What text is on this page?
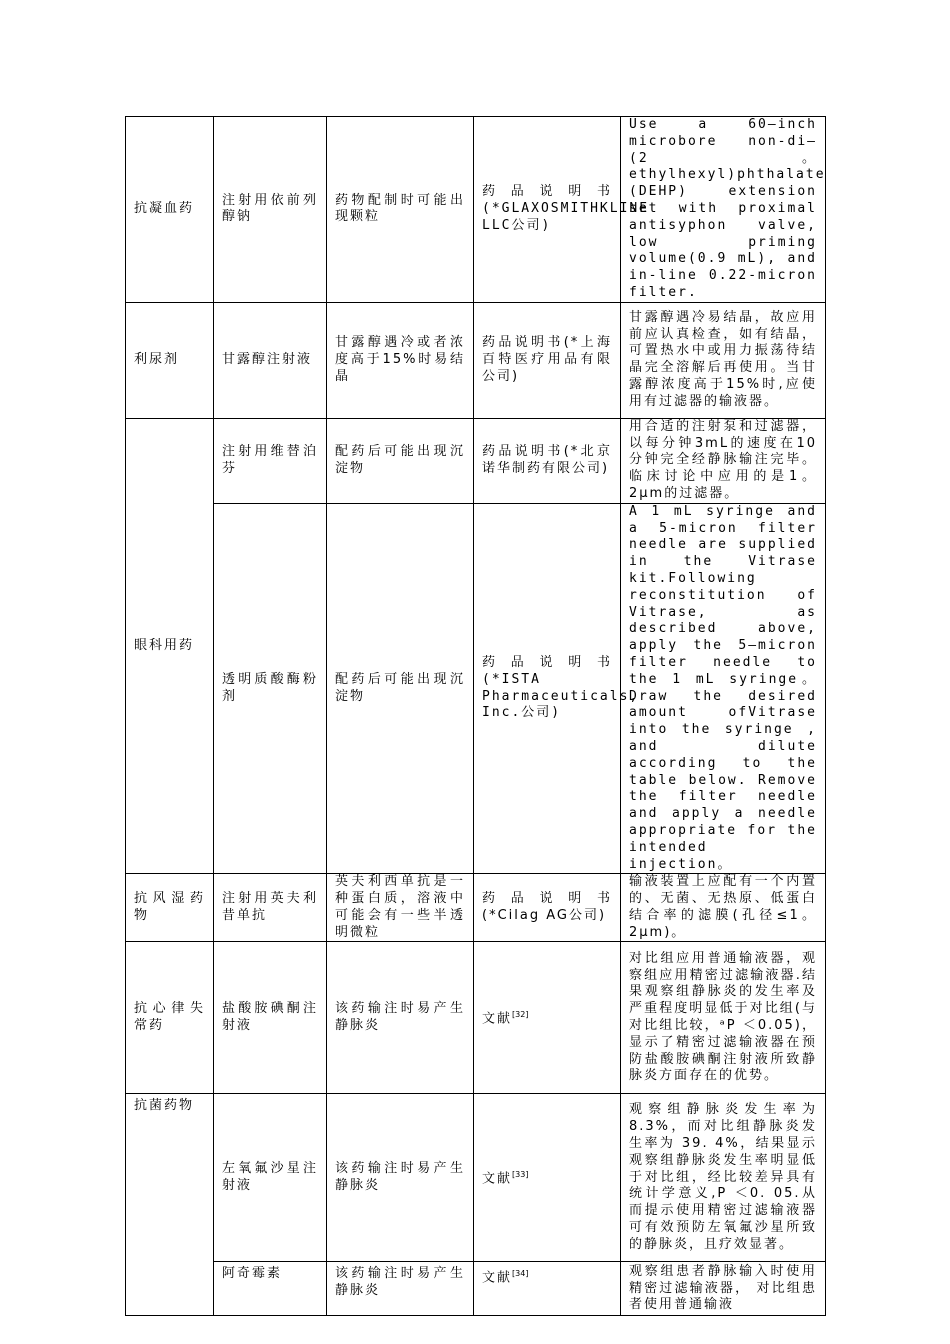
抗凝血药	注射用依前列醇钠	药物配制时可能出现颗粒	药品说明书(*GLAXOSMITHKLINE LLC公司)	Use a 60—inch microbore non-di—(2。ethylhexyl)phthalate (DEHP) extension set with proximal antisyphon valve, low priming volume(0.9 mL), and in-line 0.22-micron filter.
利尿剂	甘露醇注射液	甘露醇遇冷或者浓度高于15%时易结晶	药品说明书(*上海百特医疗用品有限公司)	甘露醇遇冷易结晶，故应用前应认真检查，如有结晶，可置热水中或用力振荡待结晶完全溶解后再使用。当甘露醇浓度高于15%时,应使用有过滤器的输液器。
眼科用药	注射用维替泊芬	配药后可能出现沉淀物	药品说明书(*北京诺华制药有限公司)	用合适的注射泵和过滤器，以每分钟3mL的速度在10分钟完全经静脉输注完毕。临床讨论中应用的是1。2μm的过滤器。
	透明质酸酶粉剂	配药后可能出现沉淀物	药品说明书(*ISTA Pharmaceuticals, Inc.公司)	A 1 mL syringe and a 5-micron filter needle are supplied in the Vitrase kit.Following reconstitution of Vitrase, as described above, apply the 5—micron filter needle to the 1 mL syringe。Draw the desired amount ofVitrase into the syringe , and dilute according to the table below. Remove the filter needle and apply a needle appropriate for the intended injection。
抗风湿药物	注射用英夫利昔单抗	英夫利西单抗是一种蛋白质，溶液中可能会有一些半透明微粒	药品说明书(*Cilag AG公司)	输液装置上应配有一个内置的、无菌、无热原、低蛋白结合率的滤膜(孔径≤1。2μm)。
抗心律失常药	盐酸胺碘酮注射液	该药输注时易产生静脉炎	文献[32]	对比组应用普通输液器，观察组应用精密过滤输液器.结果观察组静脉炎的发生率及严重程度明显低于对比组(与对比组比较，ᵃP ＜0.05)， 显示了精密过滤输液器在预防盐酸胺碘酮注射液所致静脉炎方面存在的优势。
抗菌药物	左氧氟沙星注射液	该药输注时易产生静脉炎	文献[33]	观察组静脉炎发生率为8.3%，而对比组静脉炎发生率为 39. 4%，结果显示观察组静脉炎发生率明显低于对比组，经比较差异具有统计学意义,P ＜0. 05.从而提示使用精密过滤输液器可有效预防左氧氟沙星所致的静脉炎，且疗效显著。
	阿奇霉素	该药输注时易产生静脉炎	文献[34]	观察组患者静脉输入时使用精密过滤输液器， 对比组患者使用普通输液
